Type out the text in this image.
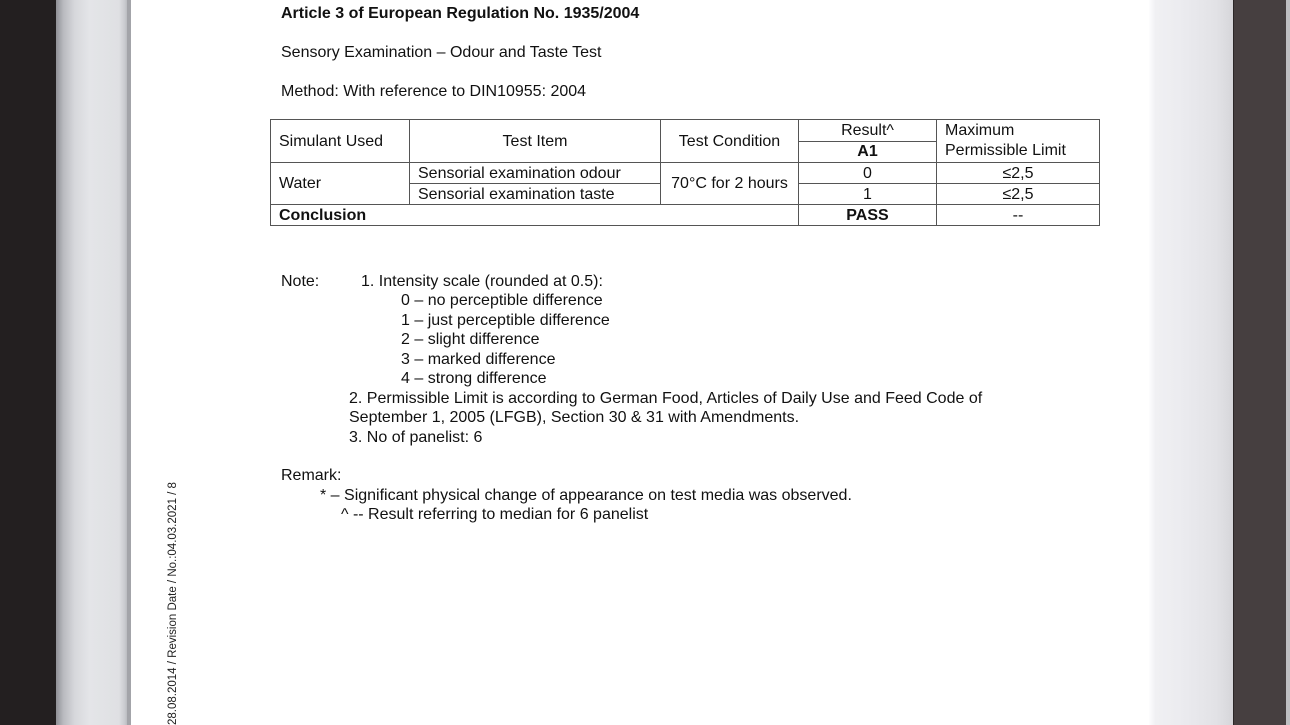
Article 3 of European Regulation No. 1935/2004
Sensory Examination – Odour and Taste Test
Method: With reference to DIN10955: 2004
Simulant Used	Test Item	Test Condition	Result^	Maximum Permissible Limit
			A1	
Water	Sensorial examination odour	70°C for 2 hours	0	≤2,5
	Sensorial examination taste		1	≤2,5
Conclusion			PASS	--
Note:	1. Intensity scale (rounded at 0.5):
0 – no perceptible difference
1 – just perceptible difference
2 – slight difference
3 – marked difference
4 – strong difference
2. Permissible Limit is according to German Food, Articles of Daily Use and Feed Code of
September 1, 2005 (LFGB), Section 30 & 31 with Amendments.
3. No of panelist: 6
Remark:
* – Significant physical change of appearance on test media was observed.
^ -- Result referring to median for 6 panelist
28.08.2014 / Revision Date / No.:04.03.2021 / 8
